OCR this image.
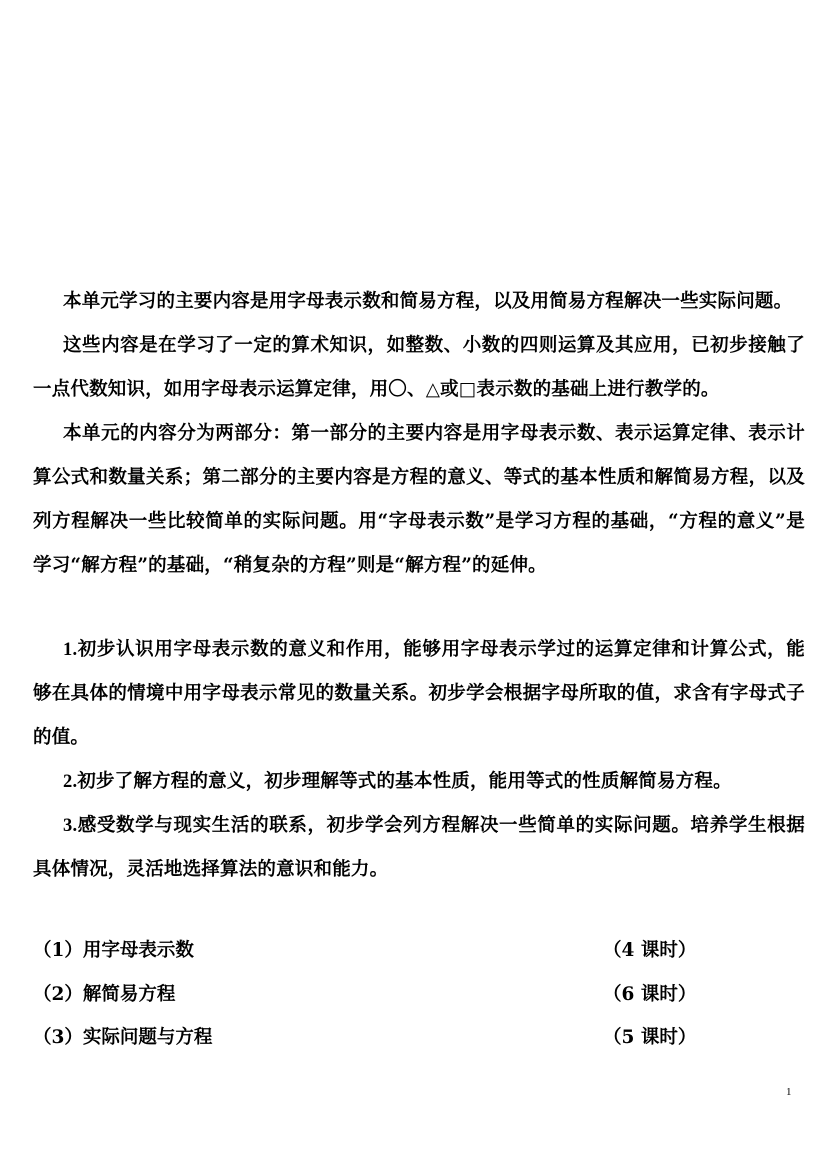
本单元学习的主要内容是用字母表示数和简易方程，以及用简易方程解决一些实际问题。

这些内容是在学习了一定的算术知识，如整数、小数的四则运算及其应用，已初步接触了一点代数知识，如用字母表示运算定律，用〇、△或□表示数的基础上进行教学的。

本单元的内容分为两部分：第一部分的主要内容是用字母表示数、表示运算定律、表示计算公式和数量关系；第二部分的主要内容是方程的意义、等式的基本性质和解简易方程，以及列方程解决一些比较简单的实际问题。用“字母表示数”是学习方程的基础，“方程的意义”是学习“解方程”的基础，“稍复杂的方程”则是“解方程”的延伸。

1.初步认识用字母表示数的意义和作用，能够用字母表示学过的运算定律和计算公式，能够在具体的情境中用字母表示常见的数量关系。初步学会根据字母所取的值，求含有字母式子的值。

2.初步了解方程的意义，初步理解等式的基本性质，能用等式的性质解简易方程。

3.感受数学与现实生活的联系，初步学会列方程解决一些简单的实际问题。培养学生根据具体情况，灵活地选择算法的意识和能力。

（1）用字母表示数	（4 课时）
（2）解简易方程	（6 课时）
（3）实际问题与方程	（5 课时）
1
